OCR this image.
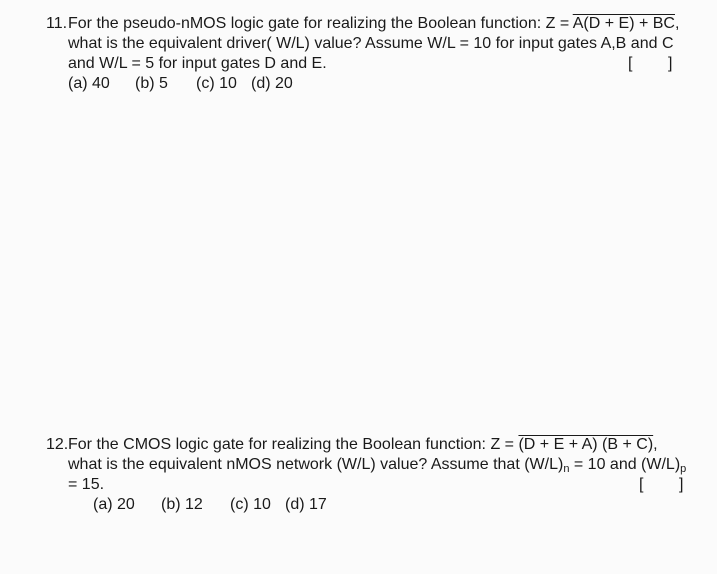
11.For the pseudo-nMOS logic gate for realizing the Boolean function: Z = A(D + E) + BC,
what is the equivalent driver( W/L) value? Assume W/L = 10 for input gates A,B and C
and W/L = 5 for input gates D and E.	[ ]
(a) 40	(b) 5	(c) 10 (d) 20
12.For the CMOS logic gate for realizing the Boolean function: Z = (D + E + A) (B + C),
what is the equivalent nMOS network (W/L) value? Assume that $(W/L)_n = 10$ and $(W/L)_p$
= 15.	[ ]
(a) 20	(b) 12	(c) 10 (d) 17
